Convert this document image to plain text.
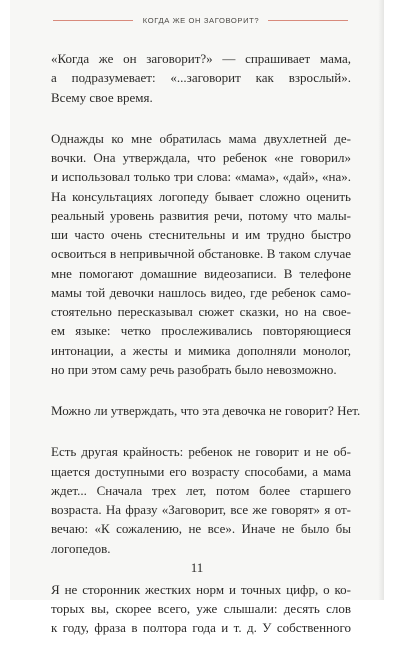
КОГДА ЖЕ ОН ЗАГОВОРИТ?
«Когда же он заговорит?» — спрашивает мама,
а подразумевает: «...заговорит как взрослый».
Всему свое время.
Однажды ко мне обратилась мама двухлетней де-
вочки. Она утверждала, что ребенок «не говорил»
и использовал только три слова: «мама», «дай», «на».
На консультациях логопеду бывает сложно оценить
реальный уровень развития речи, потому что малы-
ши часто очень стеснительны и им трудно быстро
освоиться в непривычной обстановке. В таком случае
мне помогают домашние видеозаписи. В телефоне
мамы той девочки нашлось видео, где ребенок само-
стоятельно пересказывал сюжет сказки, но на свое-
ем языке: четко прослеживались повторяющиеся
интонации, а жесты и мимика дополняли монолог,
но при этом саму речь разобрать было невозможно.
Можно ли утверждать, что эта девочка не говорит? Нет.
Есть другая крайность: ребенок не говорит и не об-
щается доступными его возрасту способами, а мама
ждет... Сначала трех лет, потом более старшего
возраста. На фразу «Заговорит, все же говорят» я от-
вечаю: «К сожалению, не все». Иначе не было бы
логопедов.
Я не сторонник жестких норм и точных цифр, о ко-
торых вы, скорее всего, уже слышали: десять слов
к году, фраза в полтора года и т. д. У собственного
11
